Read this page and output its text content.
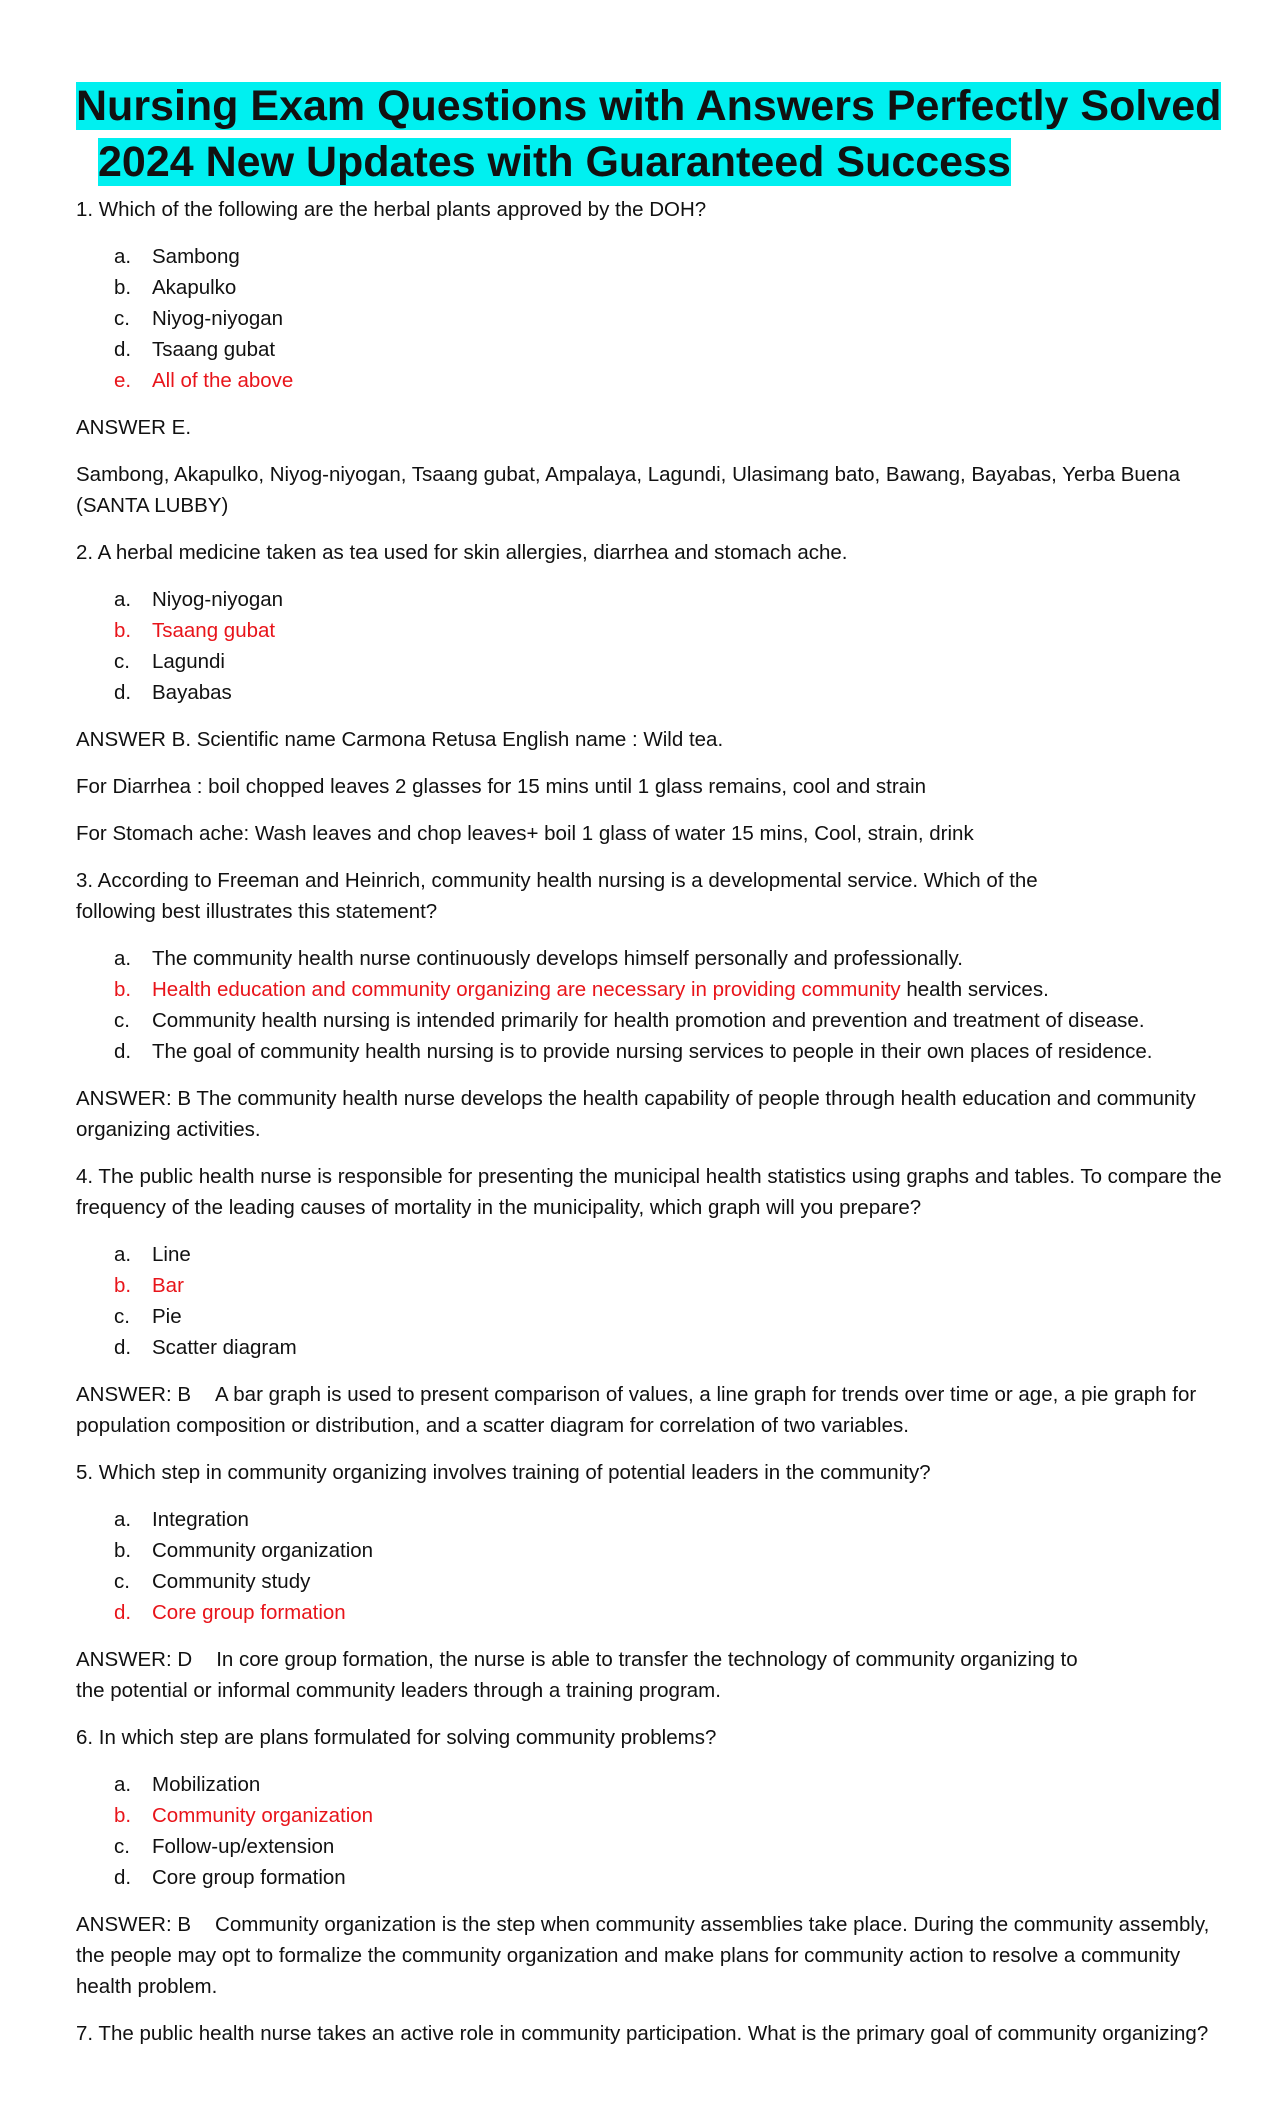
Nursing Exam Questions with Answers Perfectly Solved
2024 New Updates with Guaranteed Success

1. Which of the following are the herbal plants approved by the DOH?

a.	Sambong
b.	Akapulko
c.	Niyog-niyogan
d.	Tsaang gubat
e.	All of the above

ANSWER E.

Sambong, Akapulko, Niyog-niyogan, Tsaang gubat, Ampalaya, Lagundi, Ulasimang bato, Bawang, Bayabas, Yerba Buena (SANTA LUBBY)

2. A herbal medicine taken as tea used for skin allergies, diarrhea and stomach ache.

a.	Niyog-niyogan
b.	Tsaang gubat
c.	Lagundi
d.	Bayabas

ANSWER B. Scientific name Carmona Retusa English name : Wild tea.

For Diarrhea : boil chopped leaves 2 glasses for 15 mins until 1 glass remains, cool and strain

For Stomach ache: Wash leaves and chop leaves+ boil 1 glass of water 15 mins, Cool, strain, drink

3. According to Freeman and Heinrich, community health nursing is a developmental service. Which of the following best illustrates this statement?

a.	The community health nurse continuously develops himself personally and professionally.
b.	Health education and community organizing are necessary in providing community health services.
c.	Community health nursing is intended primarily for health promotion and prevention and treatment of disease.
d.	The goal of community health nursing is to provide nursing services to people in their own places of residence.

ANSWER: B The community health nurse develops the health capability of people through health education and community organizing activities.

4. The public health nurse is responsible for presenting the municipal health statistics using graphs and tables. To compare the frequency of the leading causes of mortality in the municipality, which graph will you prepare?

a.	Line
b.	Bar
c.	Pie
d.	Scatter diagram

ANSWER: B A bar graph is used to present comparison of values, a line graph for trends over time or age, a pie graph for population composition or distribution, and a scatter diagram for correlation of two variables.

5. Which step in community organizing involves training of potential leaders in the community?

a.	Integration
b.	Community organization
c.	Community study
d.	Core group formation

ANSWER: D In core group formation, the nurse is able to transfer the technology of community organizing to
the potential or informal community leaders through a training program.

6. In which step are plans formulated for solving community problems?

a.	Mobilization
b.	Community organization
c.	Follow-up/extension
d.	Core group formation

ANSWER: B Community organization is the step when community assemblies take place. During the community assembly, the people may opt to formalize the community organization and make plans for community action to resolve a community health problem.

7. The public health nurse takes an active role in community participation. What is the primary goal of community organizing?
